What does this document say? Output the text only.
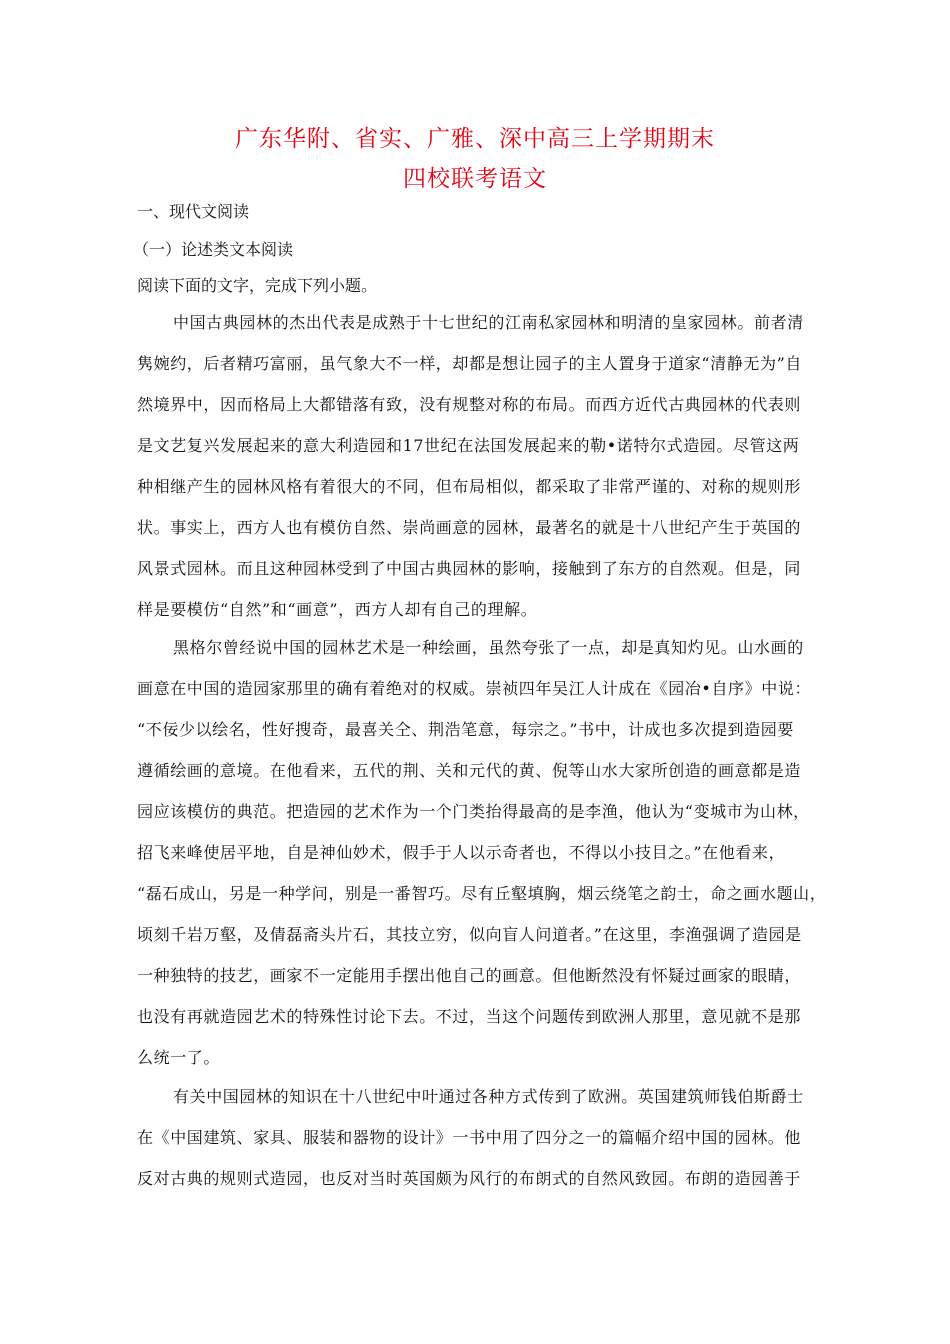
广东华附、省实、广雅、深中高三上学期期末
四校联考语文
一、现代文阅读
（一）论述类文本阅读
阅读下面的文字，完成下列小题。
中国古典园林的杰出代表是成熟于十七世纪的江南私家园林和明清的皇家园林。前者清
隽婉约，后者精巧富丽，虽气象大不一样，却都是想让园子的主人置身于道家“清静无为”自
然境界中，因而格局上大都错落有致，没有规整对称的布局。而西方近代古典园林的代表则
是文艺复兴发展起来的意大利造园和17世纪在法国发展起来的勒•诺特尔式造园。尽管这两
种相继产生的园林风格有着很大的不同，但布局相似，都采取了非常严谨的、对称的规则形
状。事实上，西方人也有模仿自然、崇尚画意的园林，最著名的就是十八世纪产生于英国的
风景式园林。而且这种园林受到了中国古典园林的影响，接触到了东方的自然观。但是，同
样是要模仿“自然”和“画意”，西方人却有自己的理解。
黑格尔曾经说中国的园林艺术是一种绘画，虽然夸张了一点，却是真知灼见。山水画的
画意在中国的造园家那里的确有着绝对的权威。崇祯四年吴江人计成在《园冶•自序》中说：
“不佞少以绘名，性好搜奇，最喜关仝、荆浩笔意，每宗之。”书中，计成也多次提到造园要
遵循绘画的意境。在他看来，五代的荆、关和元代的黄、倪等山水大家所创造的画意都是造
园应该模仿的典范。把造园的艺术作为一个门类抬得最高的是李渔，他认为“变城市为山林，
招飞来峰使居平地，自是神仙妙术，假手于人以示奇者也，不得以小技目之。”在他看来，
“磊石成山，另是一种学问，别是一番智巧。尽有丘壑填胸，烟云绕笔之韵士，命之画水题山，
顷刻千岩万壑，及倩磊斋头片石，其技立穷，似向盲人问道者。”在这里，李渔强调了造园是
一种独特的技艺，画家不一定能用手摆出他自己的画意。但他断然没有怀疑过画家的眼睛，
也没有再就造园艺术的特殊性讨论下去。不过，当这个问题传到欧洲人那里，意见就不是那
么统一了。
有关中国园林的知识在十八世纪中叶通过各种方式传到了欧洲。英国建筑师钱伯斯爵士
在《中国建筑、家具、服装和器物的设计》一书中用了四分之一的篇幅介绍中国的园林。他
反对古典的规则式造园，也反对当时英国颇为风行的布朗式的自然风致园。布朗的造园善于
